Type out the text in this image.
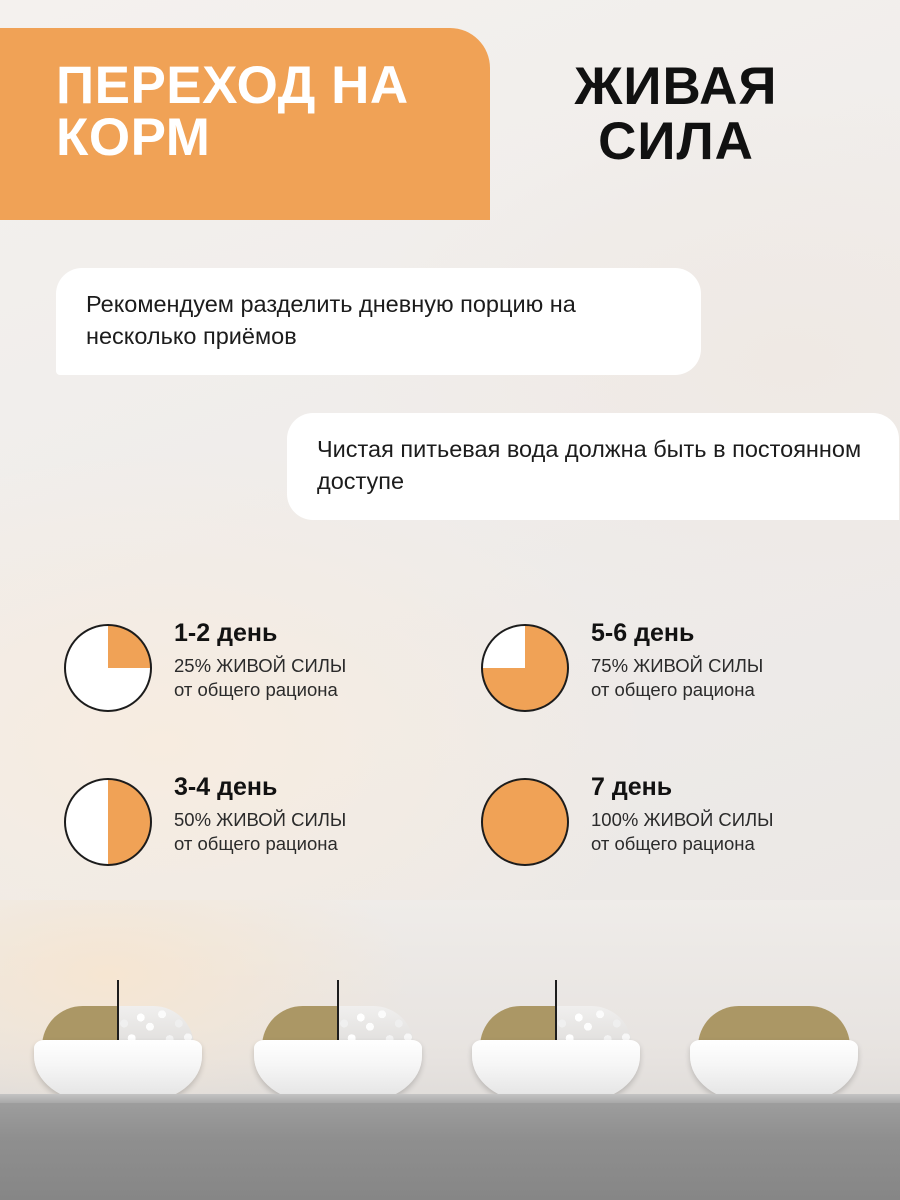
ПЕРЕХОД НА КОРМ
ЖИВАЯ СИЛА
Рекомендуем разделить дневную порцию на несколько приёмов
Чистая питьевая вода должна быть в постоянном доступе
1-2 день
25% ЖИВОЙ СИЛЫ
от общего рациона
5-6 день
75% ЖИВОЙ СИЛЫ
от общего рациона
3-4 день
50% ЖИВОЙ СИЛЫ
от общего рациона
7 день
100% ЖИВОЙ СИЛЫ
от общего рациона
